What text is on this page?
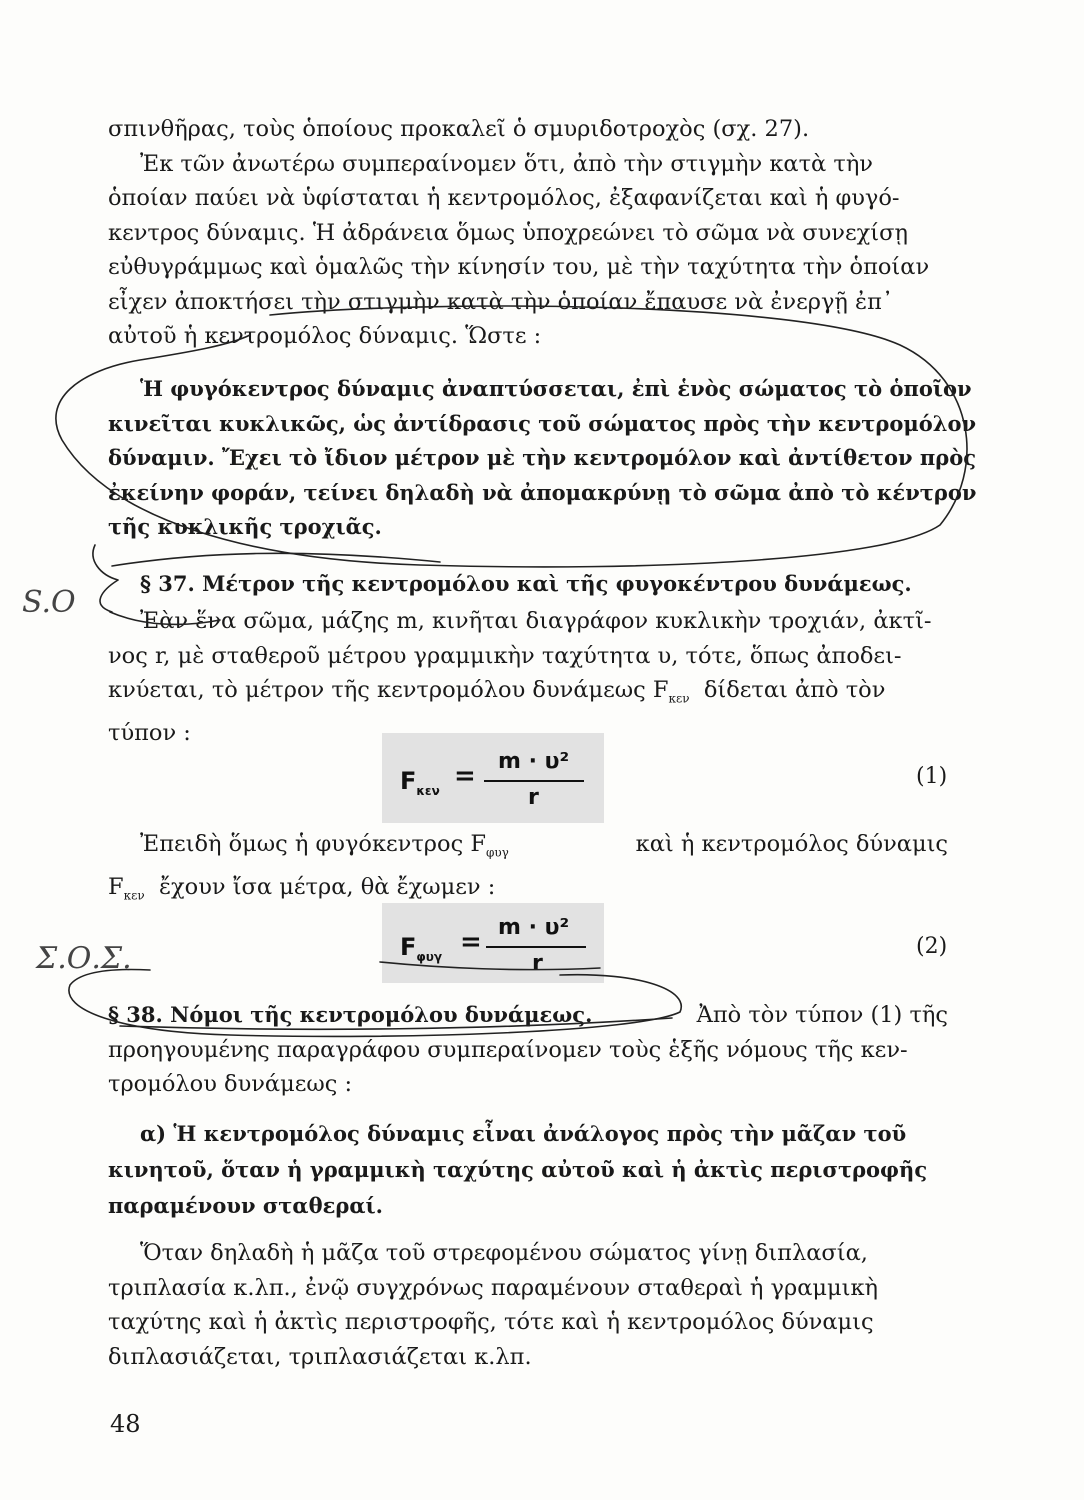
σπινθῆρας, τοὺς ὁποίους προκαλεῖ ὁ σμυριδοτροχὸς (σχ. 27).
Ἐκ τῶν ἀνωτέρω συμπεραίνομεν ὅτι, ἀπὸ τὴν στιγμὴν κατὰ τὴν
ὁποίαν παύει νὰ ὑφίσταται ἡ κεντρομόλος, ἐξαφανίζεται καὶ ἡ φυγό-
κεντρος δύναμις. Ἡ ἀδράνεια ὅμως ὑποχρεώνει τὸ σῶμα νὰ συνεχίσῃ
εὐθυγράμμως καὶ ὁμαλῶς τὴν κίνησίν του, μὲ τὴν ταχύτητα τὴν ὁποίαν
εἶχεν ἀποκτήσει τὴν στιγμὴν κατὰ τὴν ὁποίαν ἔπαυσε νὰ ἐνεργῇ ἐπ᾽
αὐτοῦ ἡ κεντρομόλος δύναμις. Ὥστε :
Ἡ φυγόκεντρος δύναμις ἀναπτύσσεται, ἐπὶ ἑνὸς σώματος τὸ ὁποῖον
κινεῖται κυκλικῶς, ὡς ἀντίδρασις τοῦ σώματος πρὸς τὴν κεντρομόλον
δύναμιν. Ἔχει τὸ ἴδιον μέτρον μὲ τὴν κεντρομόλον καὶ ἀντίθετον πρὸς
ἐκείνην φοράν, τείνει δηλαδὴ νὰ ἀπομακρύνῃ τὸ σῶμα ἀπὸ τὸ κέντρον
τῆς κυκλικῆς τροχιᾶς.
§ 37. Μέτρον τῆς κεντρομόλου καὶ τῆς φυγοκέντρου δυνάμεως.
Ἐὰν ἕνα σῶμα, μάζης m, κινῆται διαγράφον κυκλικὴν τροχιάν, ἀκτῖ-
νος r, μὲ σταθεροῦ μέτρου γραμμικὴν ταχύτητα υ, τότε, ὅπως ἀποδει-
κνύεται, τὸ μέτρον τῆς κεντρομόλου δυνάμεως $F_{\kappa\varepsilon\nu}$ δίδεται ἀπὸ τὸν
τύπον :
$F_{\kappa\varepsilon\nu} = m \cdot \upsilon^2$
r
(1)
Ἐπειδὴ ὅμως ἡ φυγόκεντρος $F_{\varphi\upsilon\gamma}$	καὶ ἡ κεντρομόλος δύναμις
$F_{\kappa\varepsilon\nu}$ ἔχουν ἴσα μέτρα, θὰ ἔχωμεν :
$F_{\varphi\upsilon\gamma} = m \cdot \upsilon^2$
r
(2)
§ 38. Νόμοι τῆς κεντρομόλου δυνάμεως.	Ἀπὸ τὸν τύπον (1) τῆς
προηγουμένης παραγράφου συμπεραίνομεν τοὺς ἑξῆς νόμους τῆς κεν-
τρομόλου δυνάμεως :
α) Ἡ κεντρομόλος δύναμις εἶναι ἀνάλογος πρὸς τὴν μᾶζαν τοῦ
κινητοῦ, ὅταν ἡ γραμμικὴ ταχύτης αὐτοῦ καὶ ἡ ἀκτὶς περιστροφῆς
παραμένουν σταθεραί.
Ὅταν δηλαδὴ ἡ μᾶζα τοῦ στρεφομένου σώματος γίνῃ διπλασία,
τριπλασία κ.λπ., ἐνῷ συγχρόνως παραμένουν σταθεραὶ ἡ γραμμικὴ
ταχύτης καὶ ἡ ἀκτὶς περιστροφῆς, τότε καὶ ἡ κεντρομόλος δύναμις
διπλασιάζεται, τριπλασιάζεται κ.λπ.
48
S.O
Σ.Ο.Σ.
